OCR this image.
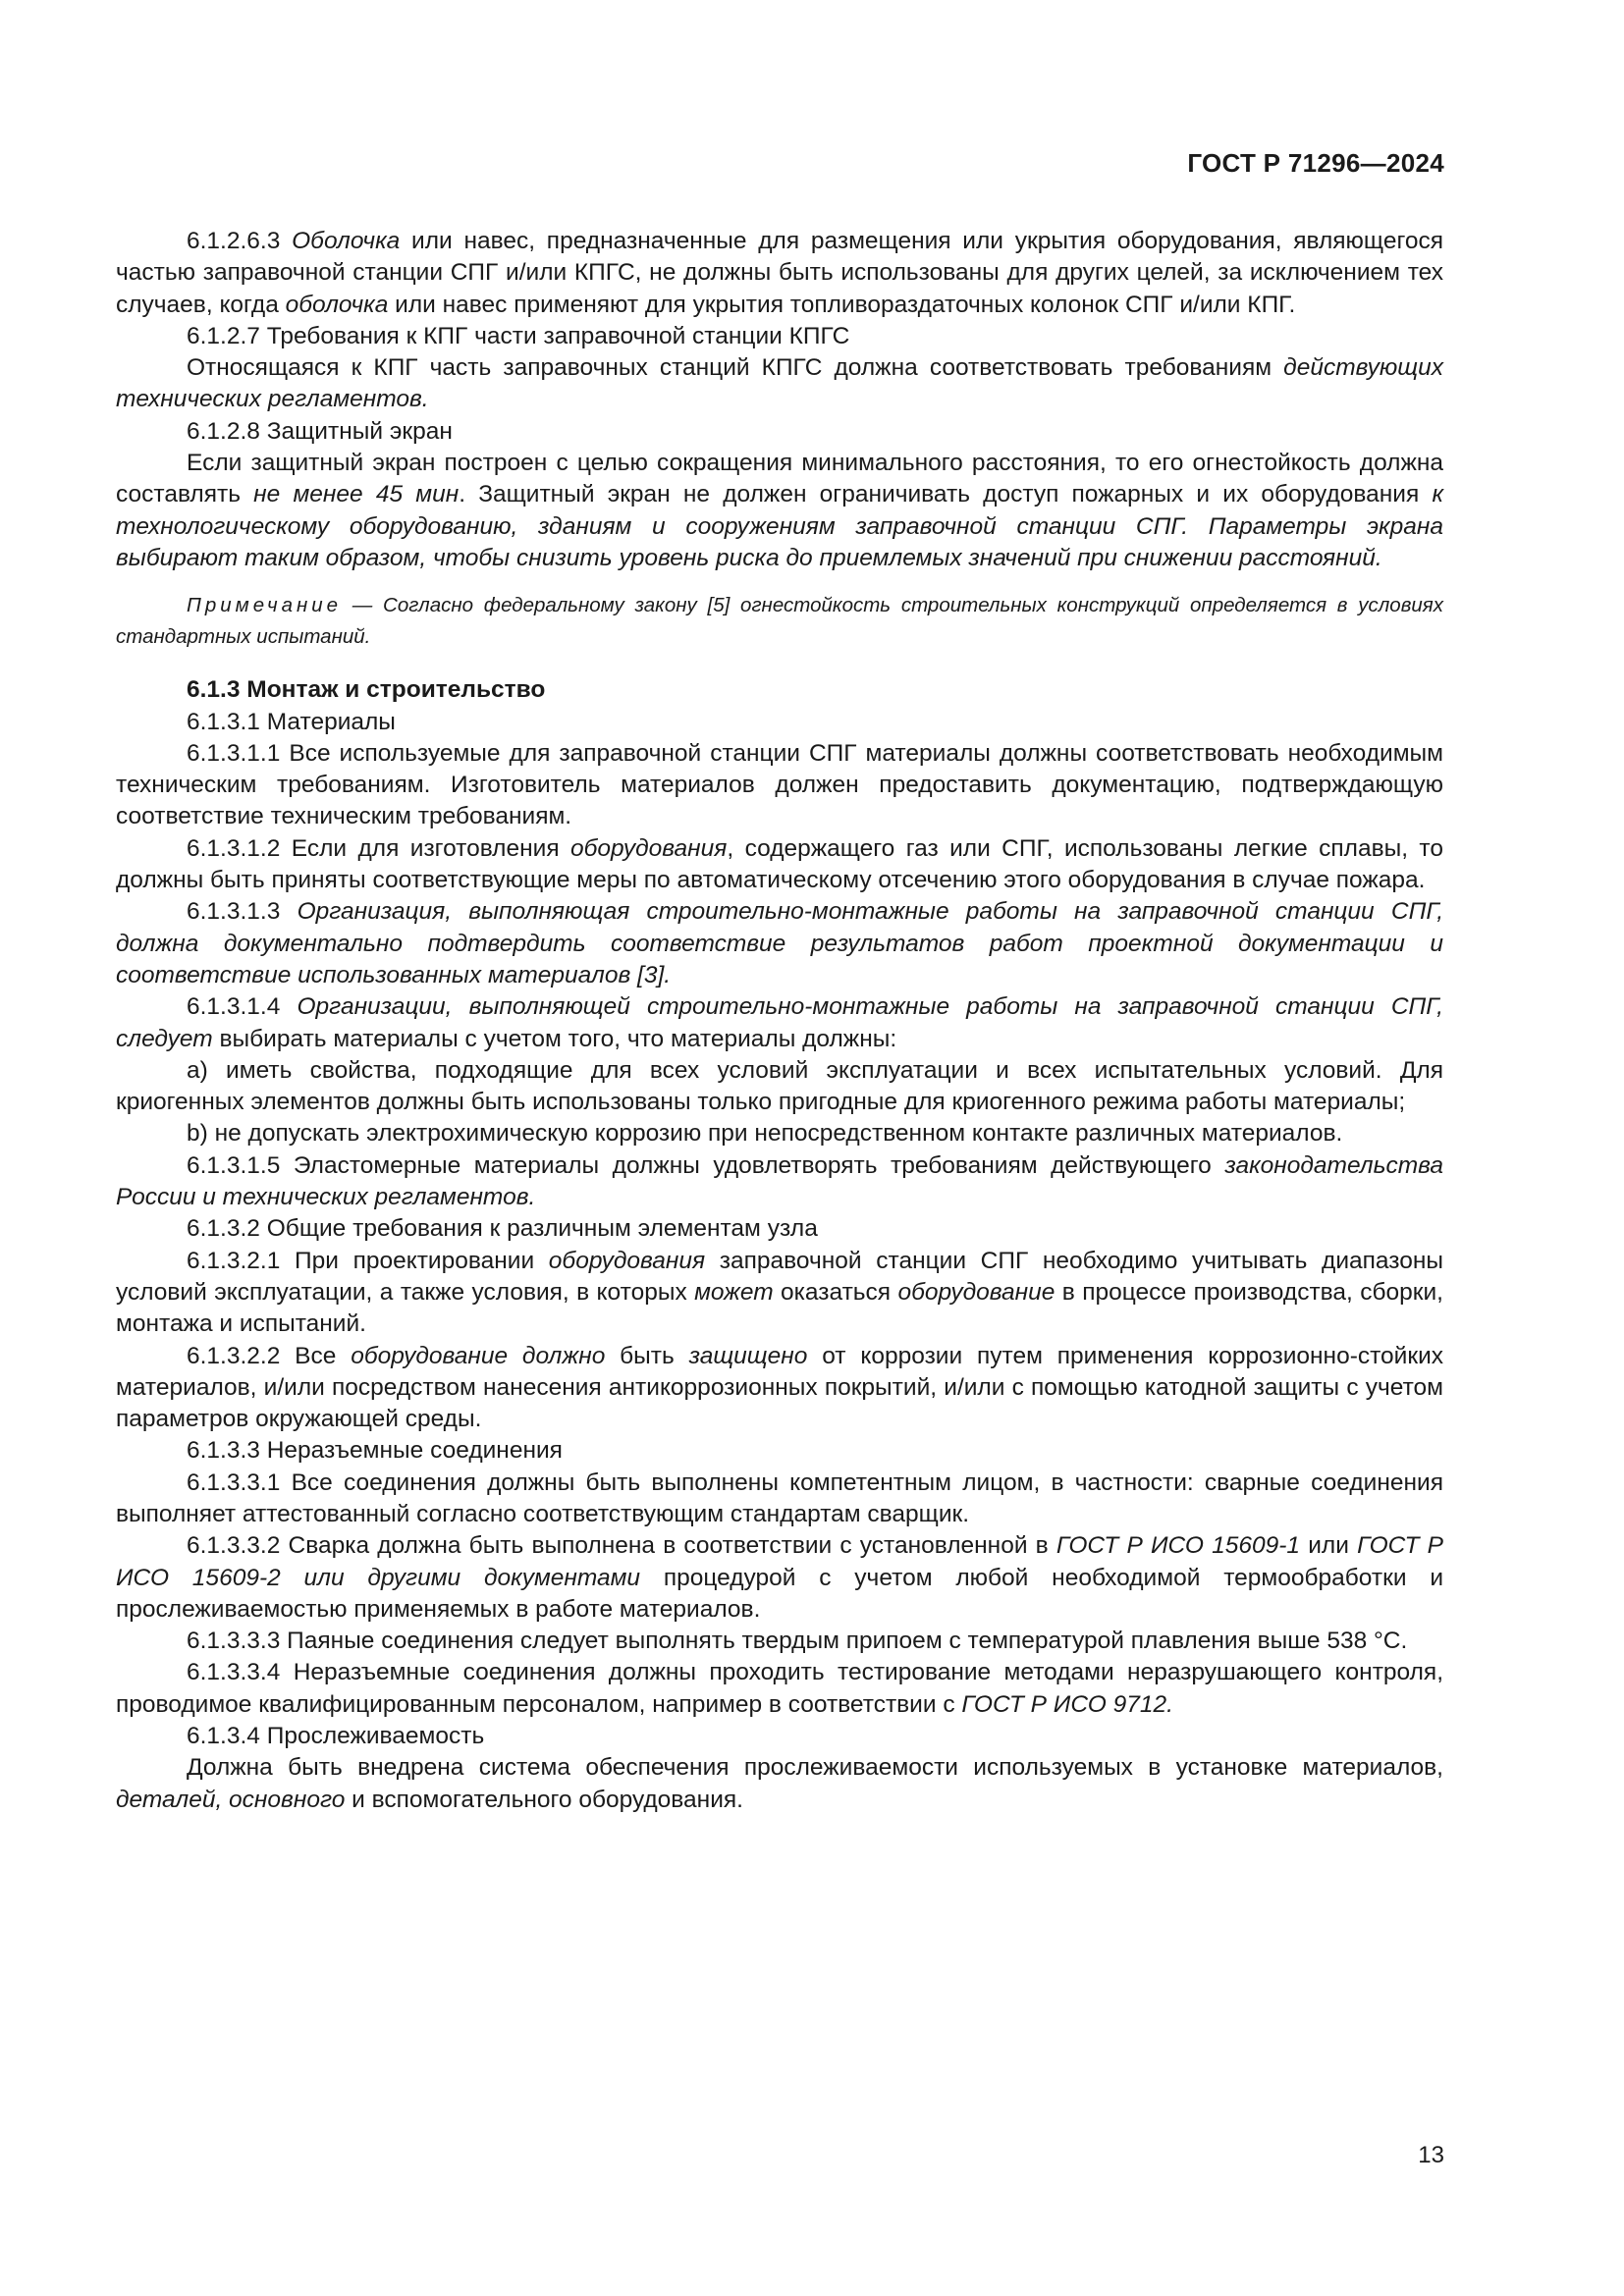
ГОСТ Р 71296—2024

6.1.2.6.3 Оболочка или навес, предназначенные для размещения или укрытия оборудования, являющегося частью заправочной станции СПГ и/или КПГС, не должны быть использованы для других целей, за исключением тех случаев, когда оболочка или навес применяют для укрытия топливораздаточных колонок СПГ и/или КПГ.

6.1.2.7 Требования к КПГ части заправочной станции КПГС

Относящаяся к КПГ часть заправочных станций КПГС должна соответствовать требованиям действующих технических регламентов.

6.1.2.8 Защитный экран

Если защитный экран построен с целью сокращения минимального расстояния, то его огнестойкость должна составлять не менее 45 мин. Защитный экран не должен ограничивать доступ пожарных и их оборудования к технологическому оборудованию, зданиям и сооружениям заправочной станции СПГ. Параметры экрана выбирают таким образом, чтобы снизить уровень риска до приемлемых значений при снижении расстояний.

Примечание — Согласно федеральному закону [5] огнестойкость строительных конструкций определяется в условиях стандартных испытаний.

6.1.3 Монтаж и строительство

6.1.3.1 Материалы

6.1.3.1.1 Все используемые для заправочной станции СПГ материалы должны соответствовать необходимым техническим требованиям. Изготовитель материалов должен предоставить документацию, подтверждающую соответствие техническим требованиям.

6.1.3.1.2 Если для изготовления оборудования, содержащего газ или СПГ, использованы легкие сплавы, то должны быть приняты соответствующие меры по автоматическому отсечению этого оборудования в случае пожара.

6.1.3.1.3 Организация, выполняющая строительно-монтажные работы на заправочной станции СПГ, должна документально подтвердить соответствие результатов работ проектной документации и соответствие использованных материалов [3].

6.1.3.1.4 Организации, выполняющей строительно-монтажные работы на заправочной станции СПГ, следует выбирать материалы с учетом того, что материалы должны:

a) иметь свойства, подходящие для всех условий эксплуатации и всех испытательных условий. Для криогенных элементов должны быть использованы только пригодные для криогенного режима работы материалы;

b) не допускать электрохимическую коррозию при непосредственном контакте различных материалов.

6.1.3.1.5 Эластомерные материалы должны удовлетворять требованиям действующего законодательства России и технических регламентов.

6.1.3.2 Общие требования к различным элементам узла

6.1.3.2.1 При проектировании оборудования заправочной станции СПГ необходимо учитывать диапазоны условий эксплуатации, а также условия, в которых может оказаться оборудование в процессе производства, сборки, монтажа и испытаний.

6.1.3.2.2 Все оборудование должно быть защищено от коррозии путем применения коррозионно-стойких материалов, и/или посредством нанесения антикоррозионных покрытий, и/или с помощью катодной защиты с учетом параметров окружающей среды.

6.1.3.3 Неразъемные соединения

6.1.3.3.1 Все соединения должны быть выполнены компетентным лицом, в частности: сварные соединения выполняет аттестованный согласно соответствующим стандартам сварщик.

6.1.3.3.2 Сварка должна быть выполнена в соответствии с установленной в ГОСТ Р ИСО 15609-1 или ГОСТ Р ИСО 15609-2 или другими документами процедурой с учетом любой необходимой термообработки и прослеживаемостью применяемых в работе материалов.

6.1.3.3.3 Паяные соединения следует выполнять твердым припоем с температурой плавления выше 538 °С.

6.1.3.3.4 Неразъемные соединения должны проходить тестирование методами неразрушающего контроля, проводимое квалифицированным персоналом, например в соответствии с ГОСТ Р ИСО 9712.

6.1.3.4 Прослеживаемость

Должна быть внедрена система обеспечения прослеживаемости используемых в установке материалов, деталей, основного и вспомогательного оборудования.

13
